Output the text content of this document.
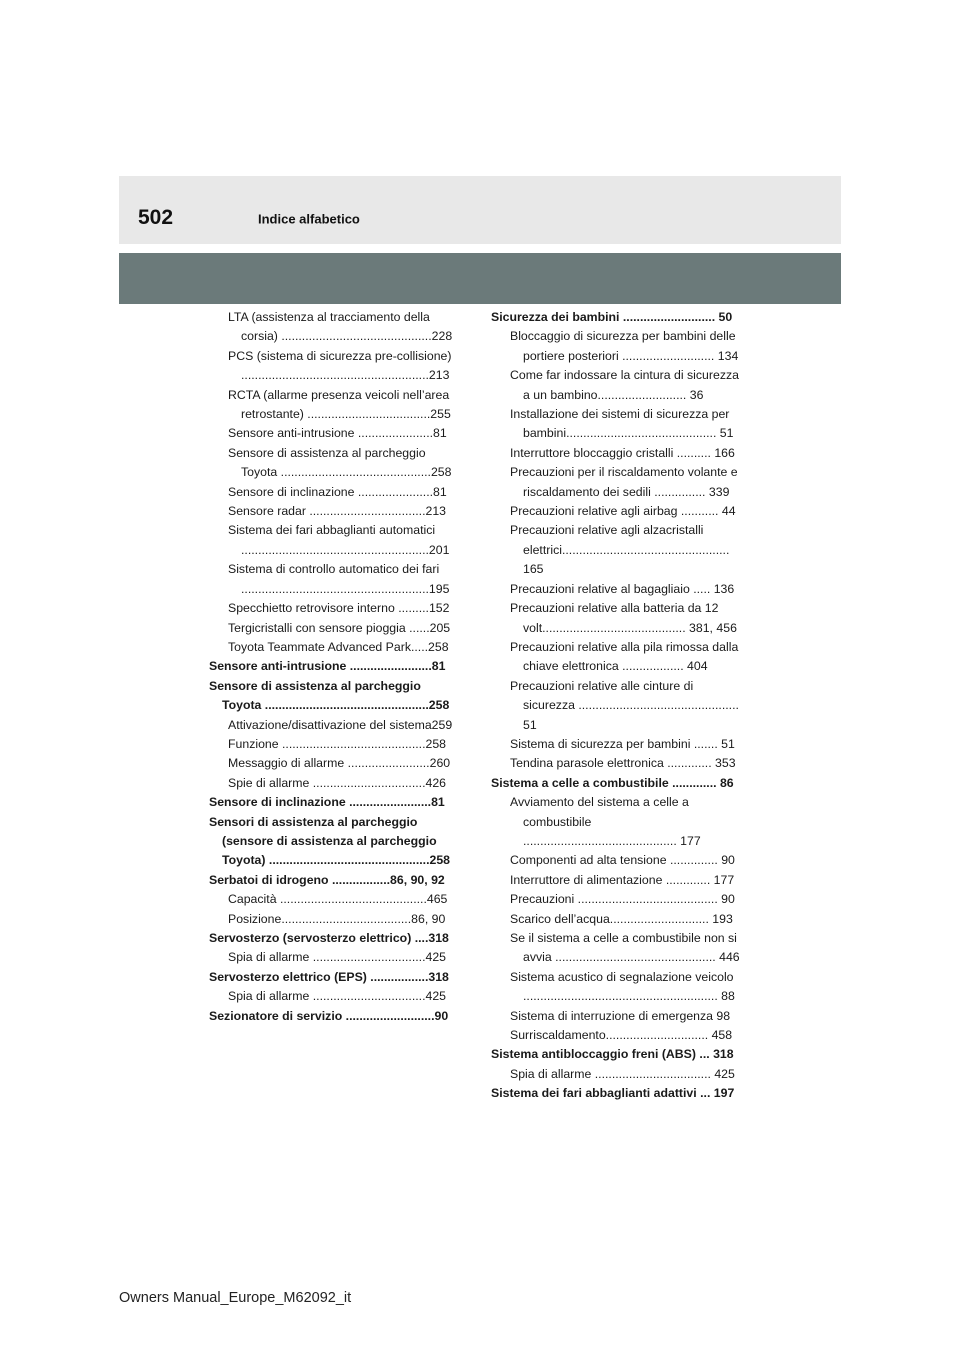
502	Indice alfabetico
LTA (assistenza al tracciamento della corsia) ............................................228
PCS (sistema di sicurezza pre-collisione) .......................................................213
RCTA (allarme presenza veicoli nell’area retrostante) ....................................255
Sensore anti-intrusione ......................81
Sensore di assistenza al parcheggio Toyota ............................................258
Sensore di inclinazione ......................81
Sensore radar ..................................213
Sistema dei fari abbaglianti automatici .......................................................201
Sistema di controllo automatico dei fari .......................................................195
Specchietto retrovisore interno .........152
Tergicristalli con sensore pioggia ......205
Toyota Teammate Advanced Park.....258
Sensore anti-intrusione ........................81
Sensore di assistenza al parcheggio Toyota ................................................258
Attivazione/disattivazione del sistema259
Funzione ..........................................258
Messaggio di allarme ........................260
Spie di allarme .................................426
Sensore di inclinazione ........................81
Sensori di assistenza al parcheggio (sensore di assistenza al parcheggio Toyota) ...............................................258
Serbatoi di idrogeno .................86, 90, 92
Capacità ...........................................465
Posizione......................................86, 90
Servosterzo (servosterzo elettrico) ....318
Spia di allarme .................................425
Servosterzo elettrico (EPS) .................318
Spia di allarme .................................425
Sezionatore di servizio ..........................90
Sicurezza dei bambini ........................... 50
Bloccaggio di sicurezza per bambini delle portiere posteriori ........................... 134
Come far indossare la cintura di sicurezza a un bambino.......................... 36
Installazione dei sistemi di sicurezza per bambini............................................ 51
Interruttore bloccaggio cristalli .......... 166
Precauzioni per il riscaldamento volante e riscaldamento dei sedili ............... 339
Precauzioni relative agli airbag ........... 44
Precauzioni relative agli alzacristalli elettrici................................................. 165
Precauzioni relative al bagagliaio ..... 136
Precauzioni relative alla batteria da 12 volt.......................................... 381, 456
Precauzioni relative alla pila rimossa dalla chiave elettronica .................. 404
Precauzioni relative alle cinture di sicurezza ............................................... 51
Sistema di sicurezza per bambini ....... 51
Tendina parasole elettronica ............. 353
Sistema a celle a combustibile ............. 86
Avviamento del sistema a celle a combustibile ............................................. 177
Componenti ad alta tensione .............. 90
Interruttore di alimentazione ............. 177
Precauzioni ......................................... 90
Scarico dell’acqua............................. 193
Se il sistema a celle a combustibile non si avvia ............................................... 446
Sistema acustico di segnalazione veicolo ......................................................... 88
Sistema di interruzione di emergenza 98
Surriscaldamento.............................. 458
Sistema antibloccaggio freni (ABS) ... 318
Spia di allarme .................................. 425
Sistema dei fari abbaglianti adattivi ... 197
Owners Manual_Europe_M62092_it
